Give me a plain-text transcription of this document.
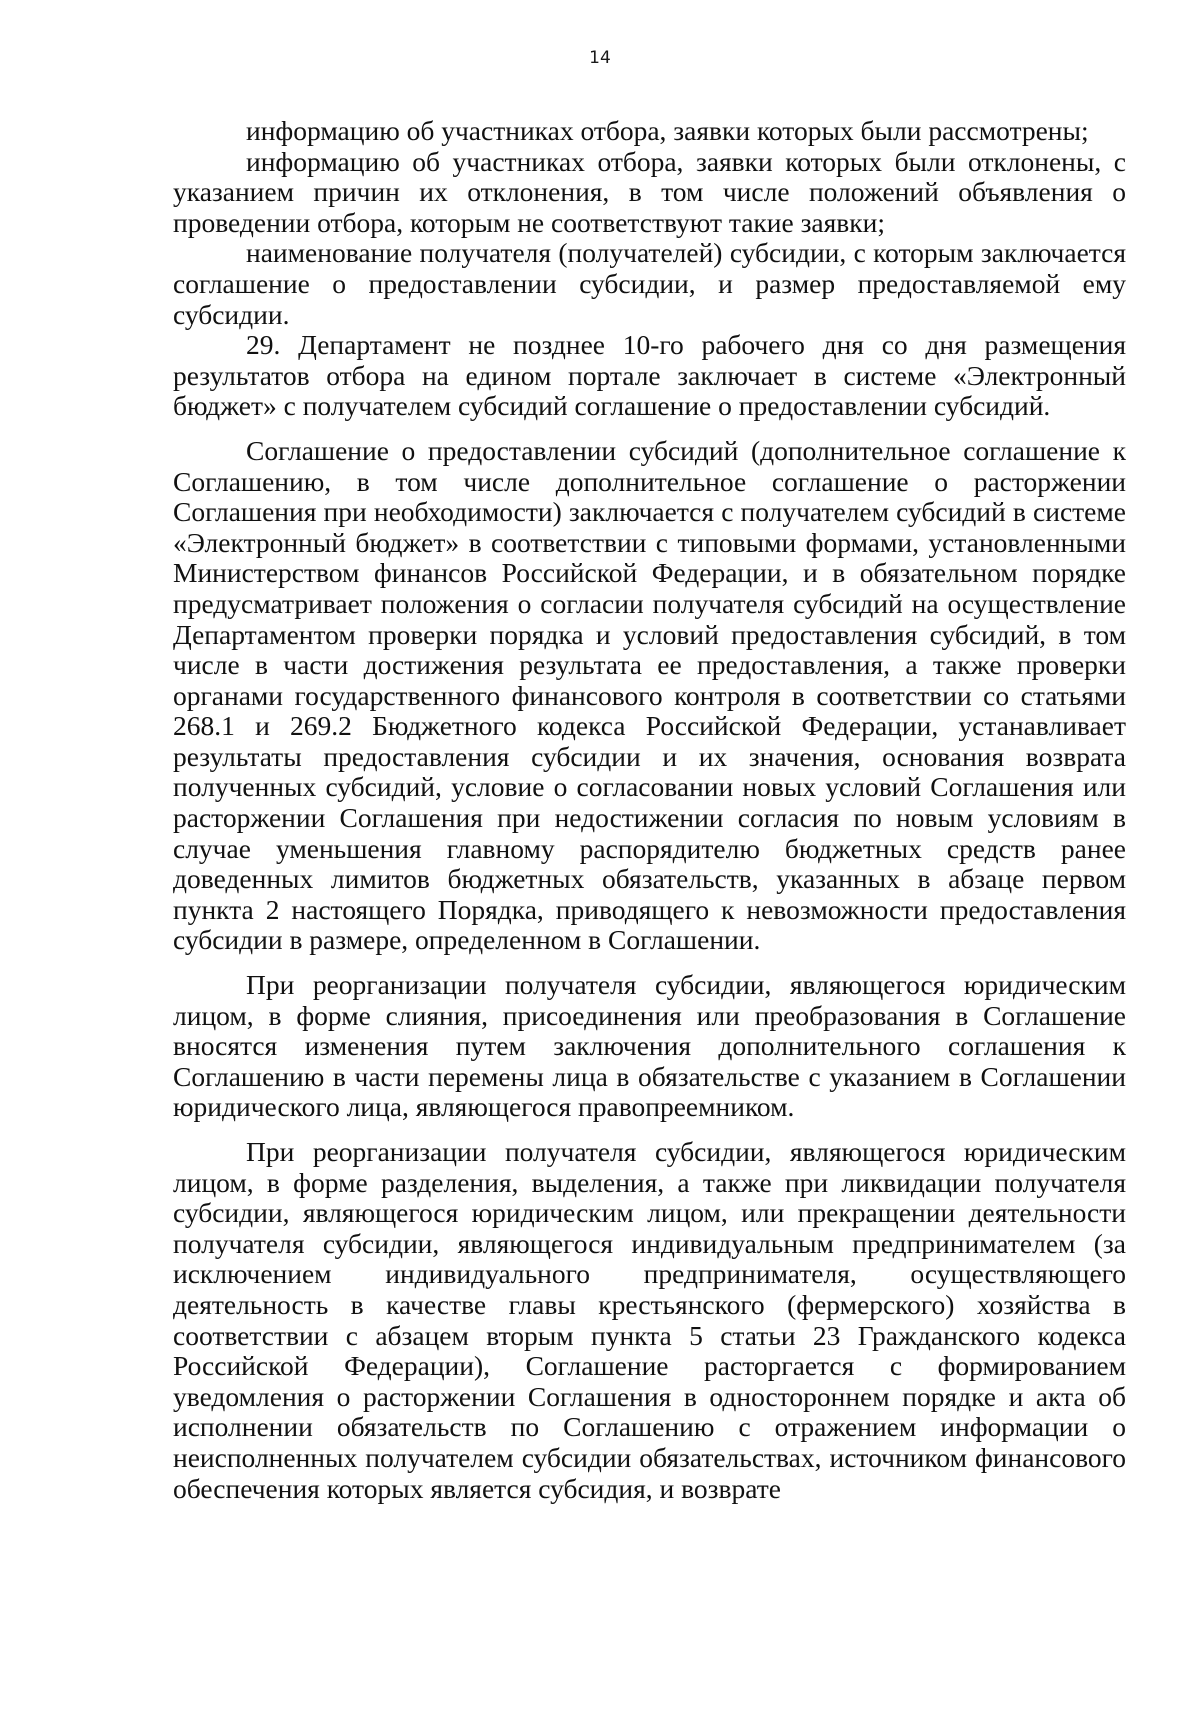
14

информацию об участниках отбора, заявки которых были рассмотрены;

информацию об участниках отбора, заявки которых были отклонены, с указанием причин их отклонения, в том числе положений объявления о проведении отбора, которым не соответствуют такие заявки;

наименование получателя (получателей) субсидии, с которым заключается соглашение о предоставлении субсидии, и размер предоставляемой ему субсидии.

29. Департамент не позднее 10-го рабочего дня со дня размещения результатов отбора на едином портале заключает в системе «Электронный бюджет» с получателем субсидий соглашение о предоставлении субсидий.

Соглашение о предоставлении субсидий (дополнительное соглашение к Соглашению, в том числе дополнительное соглашение о расторжении Соглашения при необходимости) заключается с получателем субсидий в системе «Электронный бюджет» в соответствии с типовыми формами, установленными Министерством финансов Российской Федерации, и в обязательном порядке предусматривает положения о согласии получателя субсидий на осуществление Департаментом проверки порядка и условий предоставления субсидий, в том числе в части достижения результата ее предоставления, а также проверки органами государственного финансового контроля в соответствии со статьями 268.1 и 269.2 Бюджетного кодекса Российской Федерации, устанавливает результаты предоставления субсидии и их значения, основания возврата полученных субсидий, условие о согласовании новых условий Соглашения или расторжении Соглашения при недостижении согласия по новым условиям в случае уменьшения главному распорядителю бюджетных средств ранее доведенных лимитов бюджетных обязательств, указанных в абзаце первом пункта 2 настоящего Порядка, приводящего к невозможности предоставления субсидии в размере, определенном в Соглашении.

При реорганизации получателя субсидии, являющегося юридическим лицом, в форме слияния, присоединения или преобразования в Соглашение вносятся изменения путем заключения дополнительного соглашения к Соглашению в части перемены лица в обязательстве с указанием в Соглашении юридического лица, являющегося правопреемником.

При реорганизации получателя субсидии, являющегося юридическим лицом, в форме разделения, выделения, а также при ликвидации получателя субсидии, являющегося юридическим лицом, или прекращении деятельности получателя субсидии, являющегося индивидуальным предпринимателем (за исключением индивидуального предпринимателя, осуществляющего деятельность в качестве главы крестьянского (фермерского) хозяйства в соответствии с абзацем вторым пункта 5 статьи 23 Гражданского кодекса Российской Федерации), Соглашение расторгается с формированием уведомления о расторжении Соглашения в одностороннем порядке и акта об исполнении обязательств по Соглашению с отражением информации о неисполненных получателем субсидии обязательствах, источником финансового обеспечения которых является субсидия, и возврате
